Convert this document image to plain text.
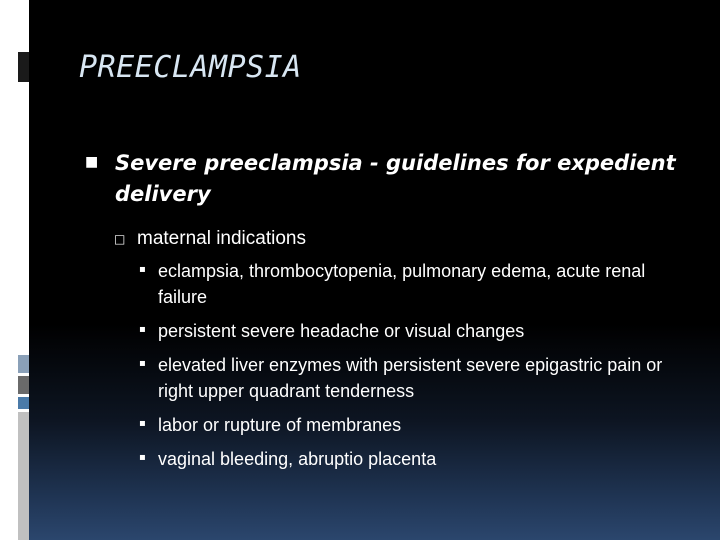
PREECLAMPSIA
■ Severe preeclampsia - guidelines for expedient delivery
□ maternal indications
▪ eclampsia, thrombocytopenia, pulmonary edema, acute renal failure
▪ persistent severe headache or visual changes
▪ elevated liver enzymes with persistent severe epigastric pain or right upper quadrant tenderness
▪ labor or rupture of membranes
▪ vaginal bleeding, abruptio placenta
